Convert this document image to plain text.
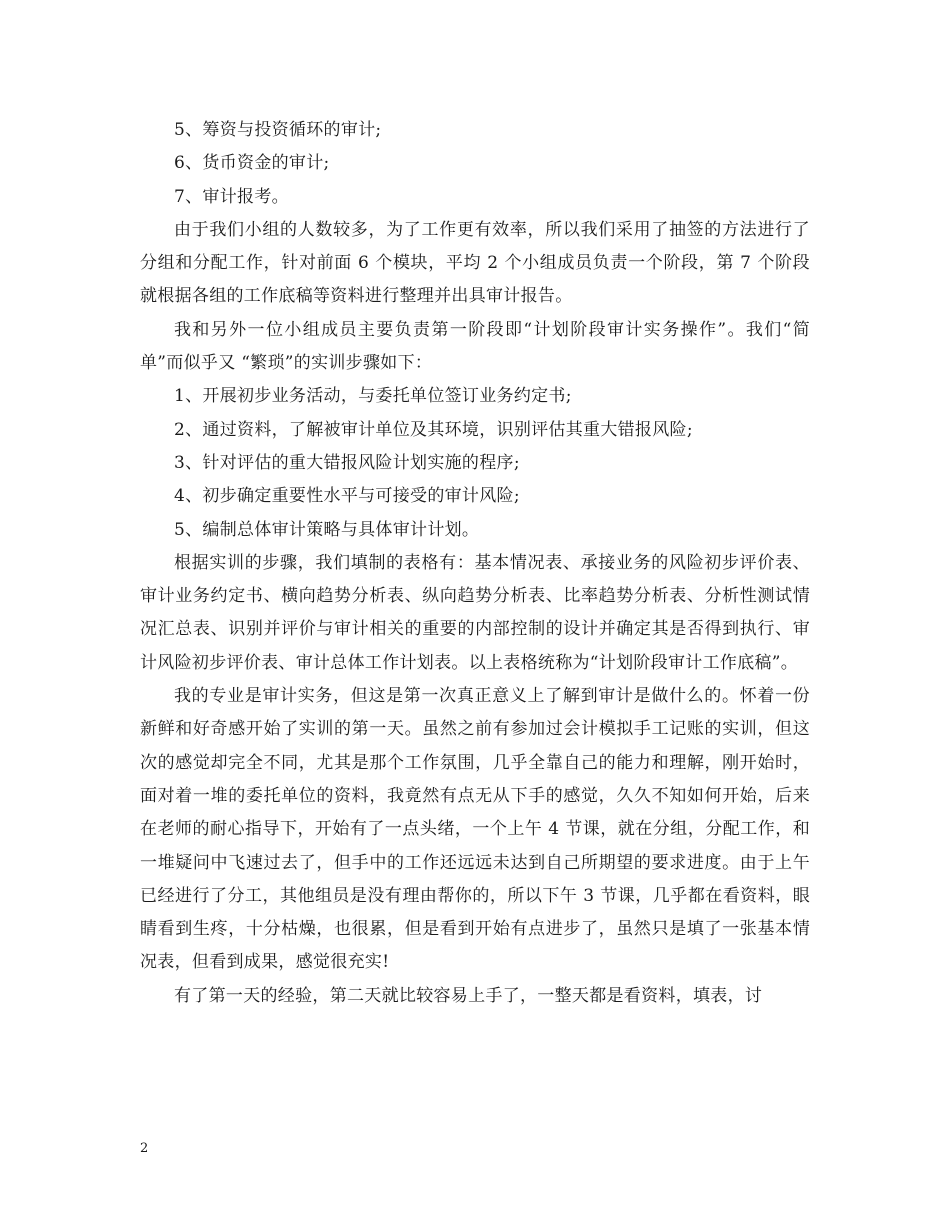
5、筹资与投资循环的审计;

6、货币资金的审计;

7、审计报考。

由于我们小组的人数较多，为了工作更有效率，所以我们采用了抽签的方法进行了分组和分配工作，针对前面 6 个模块，平均 2 个小组成员负责一个阶段，第 7 个阶段就根据各组的工作底稿等资料进行整理并出具审计报告。

我和另外一位小组成员主要负责第一阶段即“计划阶段审计实务操作”。我们“简单”而似乎又 “繁琐”的实训步骤如下：

1、开展初步业务活动，与委托单位签订业务约定书;

2、通过资料，了解被审计单位及其环境，识别评估其重大错报风险;

3、针对评估的重大错报风险计划实施的程序;

4、初步确定重要性水平与可接受的审计风险;

5、编制总体审计策略与具体审计计划。

根据实训的步骤，我们填制的表格有：基本情况表、承接业务的风险初步评价表、审计业务约定书、横向趋势分析表、纵向趋势分析表、比率趋势分析表、分析性测试情况汇总表、识别并评价与审计相关的重要的内部控制的设计并确定其是否得到执行、审计风险初步评价表、审计总体工作计划表。以上表格统称为“计划阶段审计工作底稿”。

我的专业是审计实务，但这是第一次真正意义上了解到审计是做什么的。怀着一份新鲜和好奇感开始了实训的第一天。虽然之前有参加过会计模拟手工记账的实训，但这次的感觉却完全不同，尤其是那个工作氛围，几乎全靠自己的能力和理解，刚开始时，面对着一堆的委托单位的资料，我竟然有点无从下手的感觉，久久不知如何开始，后来在老师的耐心指导下，开始有了一点头绪，一个上午 4 节课，就在分组，分配工作，和一堆疑问中飞速过去了，但手中的工作还远远未达到自己所期望的要求进度。由于上午已经进行了分工，其他组员是没有理由帮你的，所以下午 3 节课，几乎都在看资料，眼睛看到生疼，十分枯燥，也很累，但是看到开始有点进步了，虽然只是填了一张基本情况表，但看到成果，感觉很充实!

有了第一天的经验，第二天就比较容易上手了，一整天都是看资料，填表，讨

2
